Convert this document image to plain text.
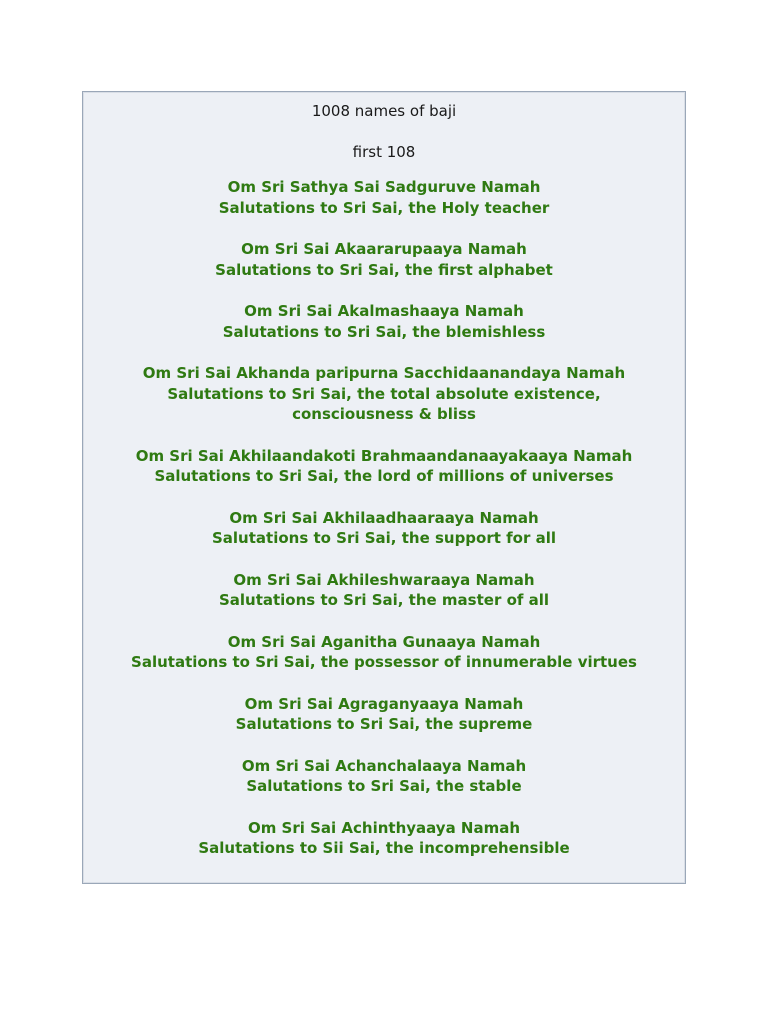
1008 names of baji

first 108

Om Sri Sathya Sai Sadguruve Namah
Salutations to Sri Sai, the Holy teacher
Om Sri Sai Akaararupaaya Namah
Salutations to Sri Sai, the first alphabet
Om Sri Sai Akalmashaaya Namah
Salutations to Sri Sai, the blemishless
Om Sri Sai Akhanda paripurna Sacchidaanandaya Namah
Salutations to Sri Sai, the total absolute existence,
consciousness & bliss
Om Sri Sai Akhilaandakoti Brahmaandanaayakaaya Namah
Salutations to Sri Sai, the lord of millions of universes
Om Sri Sai Akhilaadhaaraaya Namah
Salutations to Sri Sai, the support for all
Om Sri Sai Akhileshwaraaya Namah
Salutations to Sri Sai, the master of all
Om Sri Sai Aganitha Gunaaya Namah
Salutations to Sri Sai, the possessor of innumerable virtues
Om Sri Sai Agraganyaaya Namah
Salutations to Sri Sai, the supreme
Om Sri Sai Achanchalaaya Namah
Salutations to Sri Sai, the stable
Om Sri Sai Achinthyaaya Namah
Salutations to Sii Sai, the incomprehensible
